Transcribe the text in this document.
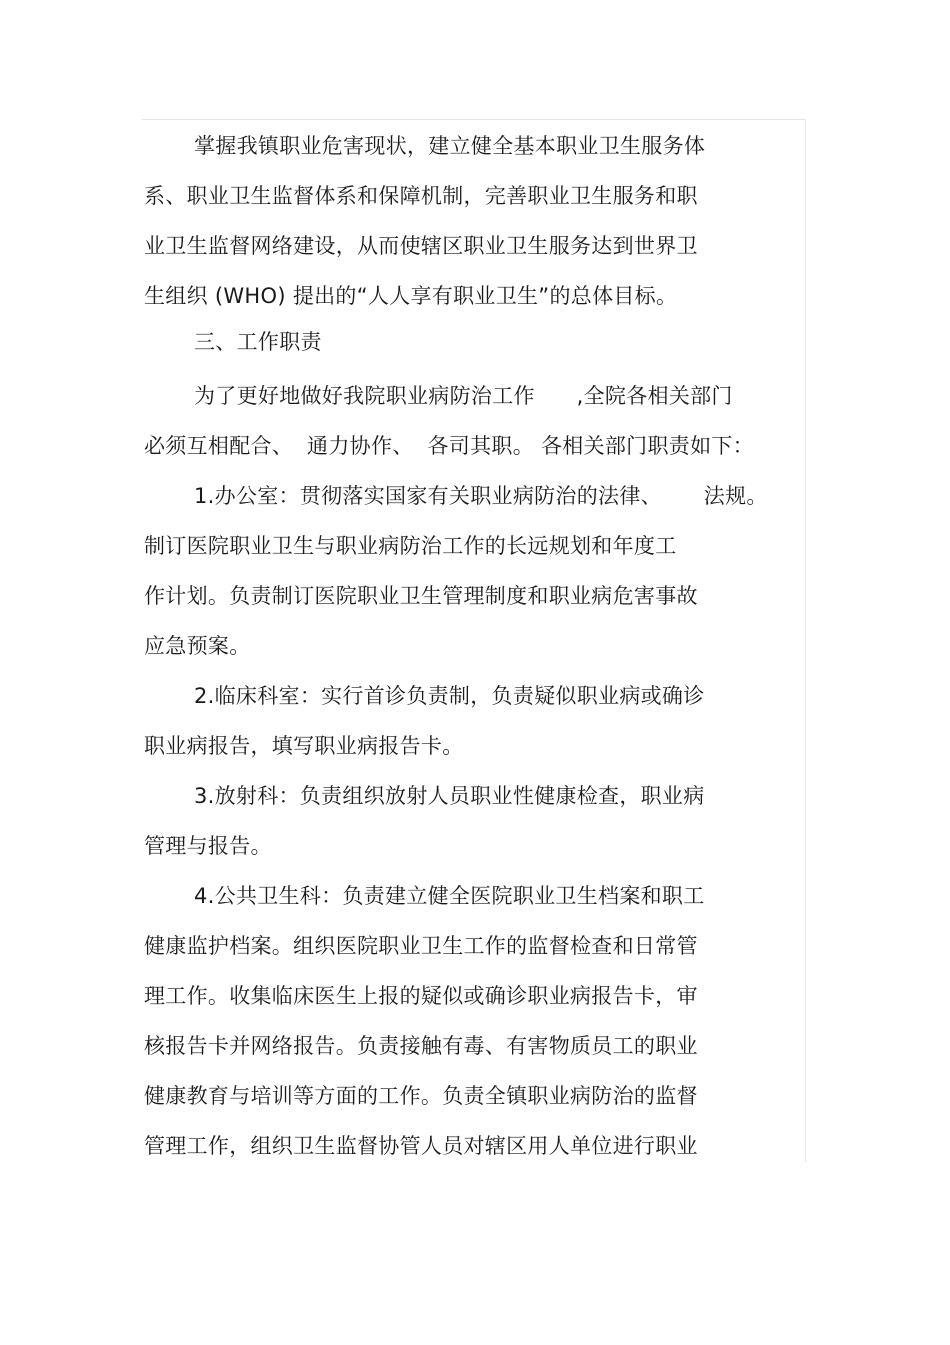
掌握我镇职业危害现状，建立健全基本职业卫生服务体
系、职业卫生监督体系和保障机制，完善职业卫生服务和职
业卫生监督网络建设，从而使辖区职业卫生服务达到世界卫
生组织 (WHO) 提出的“人人享有职业卫生”的总体目标。
三、工作职责
为了更好地做好我院职业病防治工作      ,全院各相关部门
必须互相配合、  通力协作、  各司其职。 各相关部门职责如下：
1.办公室：贯彻落实国家有关职业病防治的法律、      法规。
制订医院职业卫生与职业病防治工作的长远规划和年度工
作计划。负责制订医院职业卫生管理制度和职业病危害事故
应急预案。
2.临床科室：实行首诊负责制，负责疑似职业病或确诊
职业病报告，填写职业病报告卡。
3.放射科：负责组织放射人员职业性健康检查，职业病
管理与报告。
4.公共卫生科：负责建立健全医院职业卫生档案和职工
健康监护档案。组织医院职业卫生工作的监督检查和日常管
理工作。收集临床医生上报的疑似或确诊职业病报告卡，审
核报告卡并网络报告。负责接触有毒、有害物质员工的职业
健康教育与培训等方面的工作。负责全镇职业病防治的监督
管理工作，组织卫生监督协管人员对辖区用人单位进行职业
